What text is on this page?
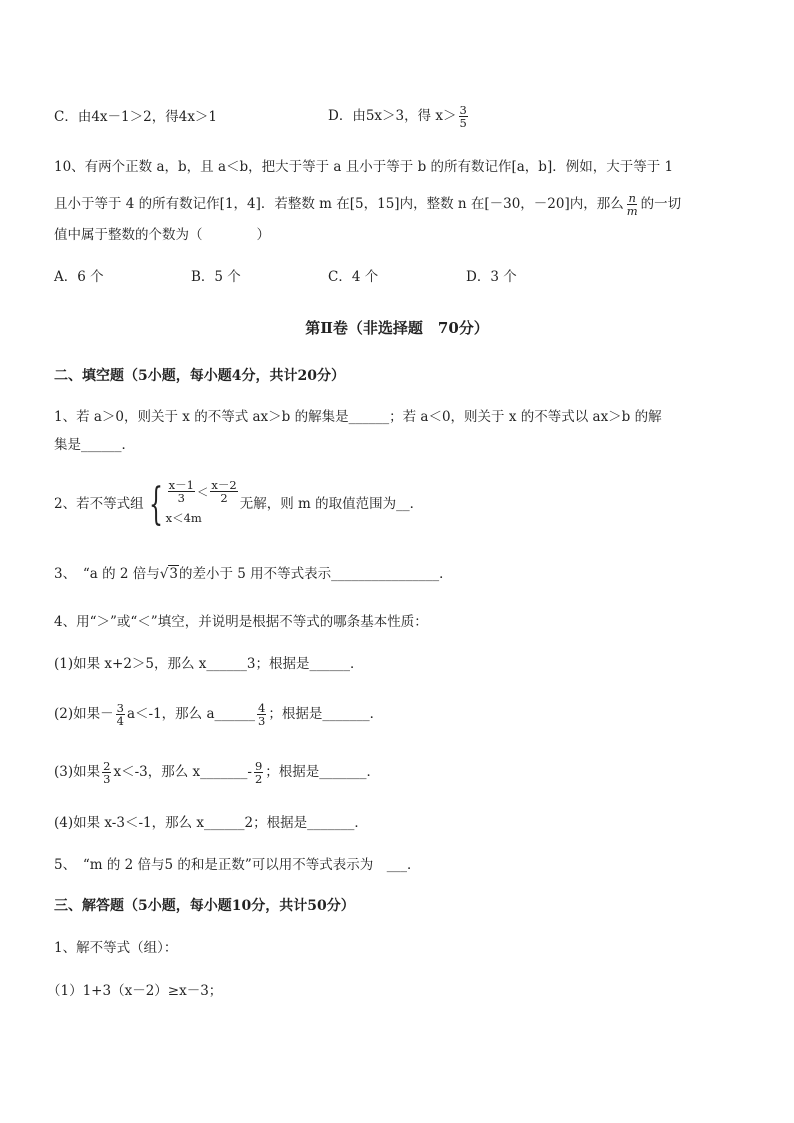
C．由4x－1＞2，得4x＞1	D．由5x＞3，得 $x> \frac{3}{5}$
10、有两个正数 a，b，且 a＜b，把大于等于 a 且小于等于 b 的所有数记作[a，b]．例如，大于等于 1
且小于等于 4 的所有数记作[1，4]．若整数 m 在[5，15]内，整数 n 在[－30，－20]内，那么 $\frac{n}{m}$ 的一切
值中属于整数的个数为（　　　　）
A．6 个	B．5 个	C．4 个	D．3 个
第Ⅱ卷（非选择题　70分）
二、填空题（5小题，每小题4分，共计20分）
1、若 a＞0，则关于 x 的不等式 ax＞b 的解集是______；若 a＜0，则关于 x 的不等式以 ax＞b 的解
集是______．
2、若不等式组 { $\frac{x-1}{3} < \frac{x-2}{2}$
x＜4m
无解，则 m 的取值范围为__．
3、　“a 的 2 倍与√3的差小于 5 用不等式表示________________．
4、用“＞”或“＜”填空，并说明是根据不等式的哪条基本性质：
(1)如果 x+2＞5，那么 x______3；根据是______．
(2)如果－ $\frac{3}{4} a<-1$，那么 a______ $\frac{4}{3}$ ；根据是_______．
(3)如果 $\frac{2}{3} x<-3$，那么 x_______- $\frac{9}{2}$ ；根据是_______．
(4)如果 x-3＜-1，那么 x______2；根据是_______．
5、　“m 的 2 倍与5 的和是正数”可以用不等式表示为　___．
三、解答题（5小题，每小题10分，共计50分）
1、解不等式（组）：
（1）1+3（x－2）≥x－3；
